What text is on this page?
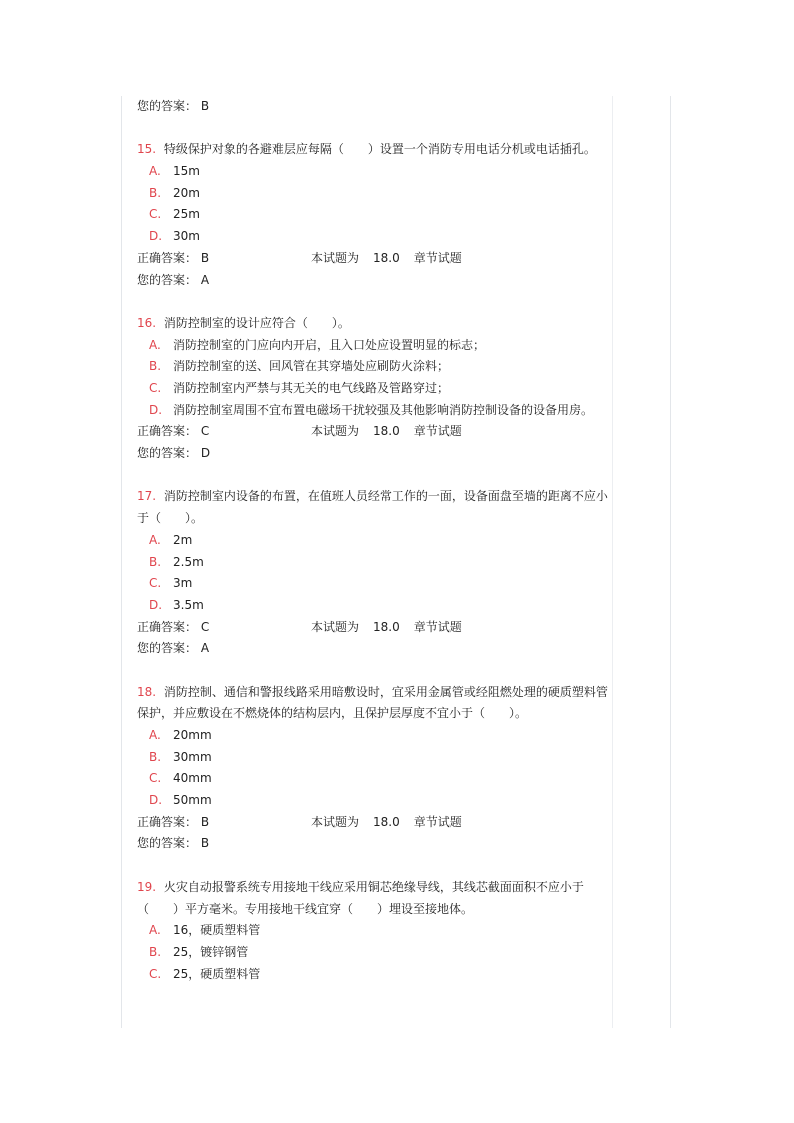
您的答案： B
15. 特级保护对象的各避难层应每隔（　　）设置一个消防专用电话分机或电话插孔。
A. 15m
B. 20m
C. 25m
D. 30m
正确答案： B	本试题为 18.0 章节试题
您的答案： A
16. 消防控制室的设计应符合（　　）。
A. 消防控制室的门应向内开启，且入口处应设置明显的标志；
B. 消防控制室的送、回风管在其穿墙处应刷防火涂料；
C. 消防控制室内严禁与其无关的电气线路及管路穿过；
D. 消防控制室周围不宜布置电磁场干扰较强及其他影响消防控制设备的设备用房。
正确答案： C	本试题为 18.0 章节试题
您的答案： D
17. 消防控制室内设备的布置，在值班人员经常工作的一面，设备面盘至墙的距离不应小于（　　）。
A. 2m
B. 2.5m
C. 3m
D. 3.5m
正确答案： C	本试题为 18.0 章节试题
您的答案： A
18. 消防控制、通信和警报线路采用暗敷设时，宜采用金属管或经阻燃处理的硬质塑料管保护，并应敷设在不燃烧体的结构层内，且保护层厚度不宜小于（　　）。
A. 20mm
B. 30mm
C. 40mm
D. 50mm
正确答案： B	本试题为 18.0 章节试题
您的答案： B
19. 火灾自动报警系统专用接地干线应采用铜芯绝缘导线，其线芯截面面积不应小于（　　）平方毫米。专用接地干线宜穿（　　）埋设至接地体。
A. 16，硬质塑料管
B. 25，镀锌钢管
C. 25，硬质塑料管
